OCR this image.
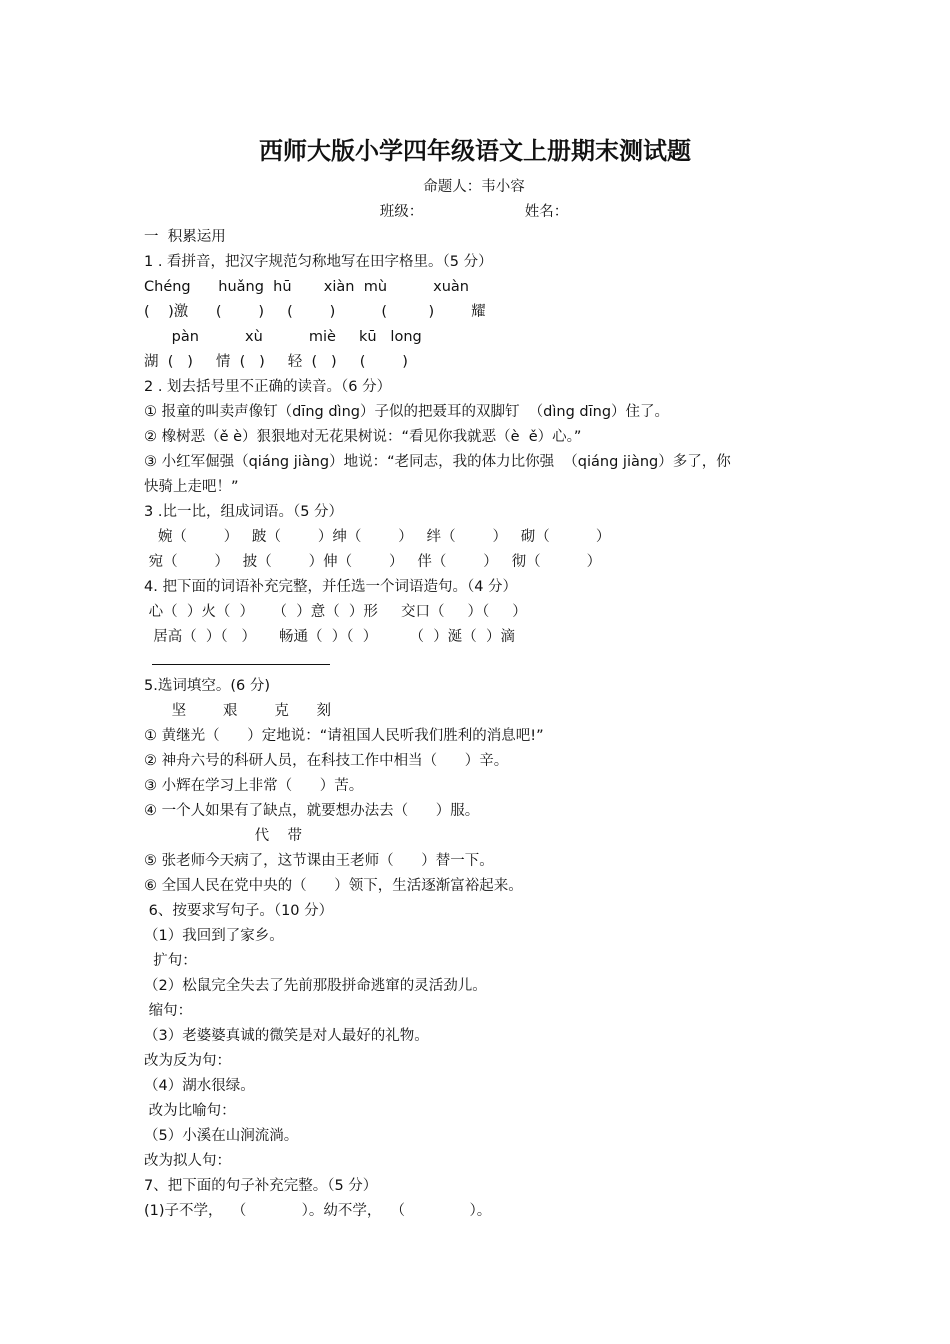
西师大版小学四年级语文上册期末测试题
命题人：韦小容
班级：                      姓名：
一  积累运用
1 . 看拼音，把汉字规范匀称地写在田字格里。（5 分）
Chéng      huǎng  hū       xiàn  mù          xuàn
(    )激      (        )     (        )          (         )        耀
pàn          xù          miè     kū   long
湖  (   )     情  (   )     轻  (   )     (        )
2 . 划去括号里不正确的读音。（6 分）
① 报童的叫卖声像钉（dīng dìng）子似的把聂耳的双脚钉  （dìng dīng）住了。
② 橡树恶（ě è）狠狠地对无花果树说：“看见你我就恶（è  ě）心。”
③ 小红军倔强（qiáng jiàng）地说：“老同志，我的体力比你强  （qiáng jiàng）多了，你
快骑上走吧！”
3 .比一比，组成词语。（5 分）
婉（        ）   跛（        ）绅（        ）   绊（        ）   砌（          ）
宛（        ）   披（        ）伸（        ）   伴（        ）   彻（          ）
4. 把下面的词语补充完整，并任选一个词语造句。（4 分）
心（  ）火（  ）    （  ）意（  ）形     交口（     ）（     ）
居高（  ）（   ）     畅通（  ）（  ）       （  ）涎（  ）滴
5.选词填空。(6 分)
坚        艰        克      刻
① 黄继光（      ）定地说：“请祖国人民听我们胜利的消息吧!”
② 神舟六号的科研人员，在科技工作中相当（      ）辛。
③ 小辉在学习上非常（      ）苦。
④ 一个人如果有了缺点，就要想办法去（      ）服。
代    带
⑤ 张老师今天病了，这节课由王老师（      ）替一下。
⑥ 全国人民在党中央的（      ）领下，生活逐渐富裕起来。
6、按要求写句子。（10 分）
（1）我回到了家乡。
扩句：
（2）松鼠完全失去了先前那股拼命逃窜的灵活劲儿。
缩句：
（3）老婆婆真诚的微笑是对人最好的礼物。
改为反为句：
（4）湖水很绿。
改为比喻句：
（5）小溪在山涧流淌。
改为拟人句：
7、把下面的句子补充完整。（5 分）
(1)子不学，  （            ）。幼不学，  （              ）。
